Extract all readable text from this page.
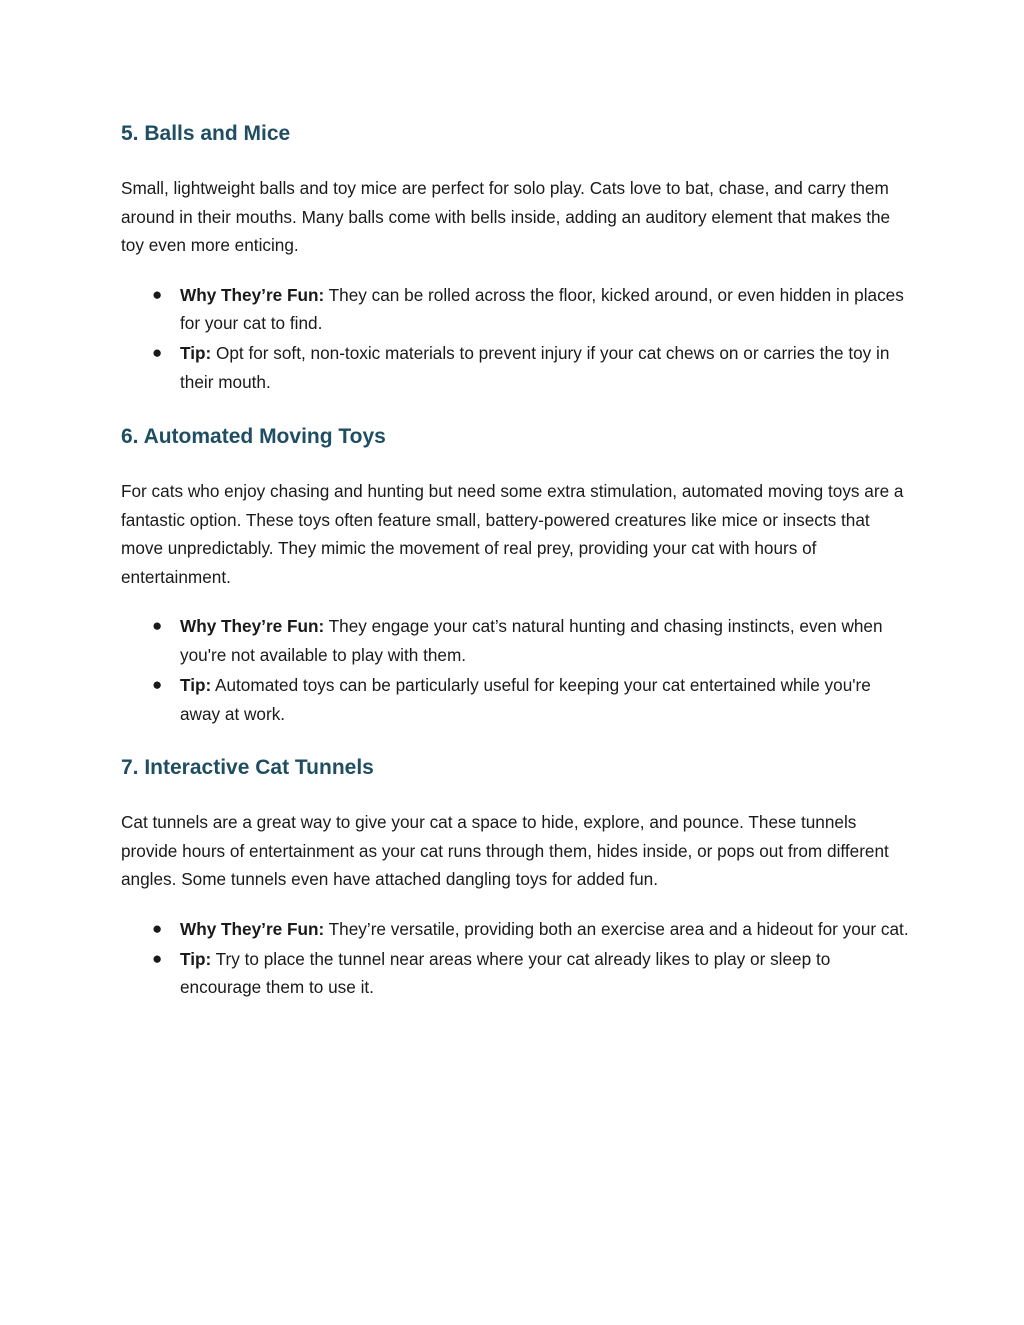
5. Balls and Mice

Small, lightweight balls and toy mice are perfect for solo play. Cats love to bat, chase, and carry them around in their mouths. Many balls come with bells inside, adding an auditory element that makes the toy even more enticing.

● Why They’re Fun: They can be rolled across the floor, kicked around, or even hidden in places for your cat to find.
● Tip: Opt for soft, non-toxic materials to prevent injury if your cat chews on or carries the toy in their mouth.
6. Automated Moving Toys

For cats who enjoy chasing and hunting but need some extra stimulation, automated moving toys are a fantastic option. These toys often feature small, battery-powered creatures like mice or insects that move unpredictably. They mimic the movement of real prey, providing your cat with hours of entertainment.

● Why They’re Fun: They engage your cat’s natural hunting and chasing instincts, even when you're not available to play with them.
● Tip: Automated toys can be particularly useful for keeping your cat entertained while you're away at work.
7. Interactive Cat Tunnels

Cat tunnels are a great way to give your cat a space to hide, explore, and pounce. These tunnels provide hours of entertainment as your cat runs through them, hides inside, or pops out from different angles. Some tunnels even have attached dangling toys for added fun.

● Why They’re Fun: They’re versatile, providing both an exercise area and a hideout for your cat.
● Tip: Try to place the tunnel near areas where your cat already likes to play or sleep to encourage them to use it.
